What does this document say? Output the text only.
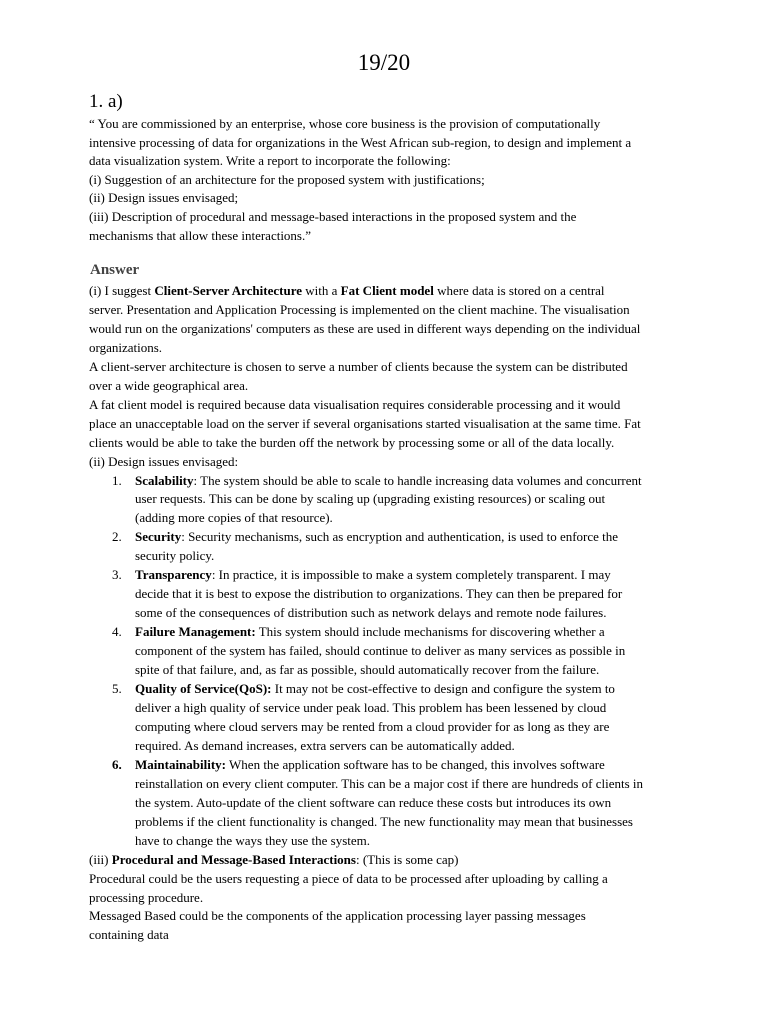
19/20
1. a)

“ You are commissioned by an enterprise, whose core business is the provision of computationally

intensive processing of data for organizations in the West African sub-region, to design and implement a

data visualization system. Write a report to incorporate the following:

(i) Suggestion of an architecture for the proposed system with justifications;

(ii) Design issues envisaged;

(iii) Description of procedural and message-based interactions in the proposed system and the

mechanisms that allow these interactions.”

Answer

(i) I suggest Client-Server Architecture with a Fat Client model where data is stored on a central

server. Presentation and Application Processing is implemented on the client machine. The visualisation

would run on the organizations' computers as these are used in different ways depending on the individual

organizations.

A client-server architecture is chosen to serve a number of clients because the system can be distributed

over a wide geographical area.

A fat client model is required because data visualisation requires considerable processing and it would

place an unacceptable load on the server if several organisations started visualisation at the same time. Fat

clients would be able to take the burden off the network by processing some or all of the data locally.

(ii) Design issues envisaged:

1. Scalability: The system should be able to scale to handle increasing data volumes and concurrent

user requests. This can be done by scaling up (upgrading existing resources) or scaling out

(adding more copies of that resource).

2. Security: Security mechanisms, such as encryption and authentication, is used to enforce the

security policy.

3. Transparency: In practice, it is impossible to make a system completely transparent. I may

decide that it is best to expose the distribution to organizations. They can then be prepared for

some of the consequences of distribution such as network delays and remote node failures.

4. Failure Management: This system should include mechanisms for discovering whether a

component of the system has failed, should continue to deliver as many services as possible in

spite of that failure, and, as far as possible, should automatically recover from the failure.

5. Quality of Service(QoS): It may not be cost-effective to design and configure the system to

deliver a high quality of service under peak load. This problem has been lessened by cloud

computing where cloud servers may be rented from a cloud provider for as long as they are

required. As demand increases, extra servers can be automatically added.

6. Maintainability: When the application software has to be changed, this involves software

reinstallation on every client computer. This can be a major cost if there are hundreds of clients in

the system. Auto-update of the client software can reduce these costs but introduces its own

problems if the client functionality is changed. The new functionality may mean that businesses

have to change the ways they use the system.

(iii) Procedural and Message-Based Interactions: (This is some cap)

Procedural could be the users requesting a piece of data to be processed after uploading by calling a

processing procedure.

Messaged Based could be the components of the application processing layer passing messages

containing data
